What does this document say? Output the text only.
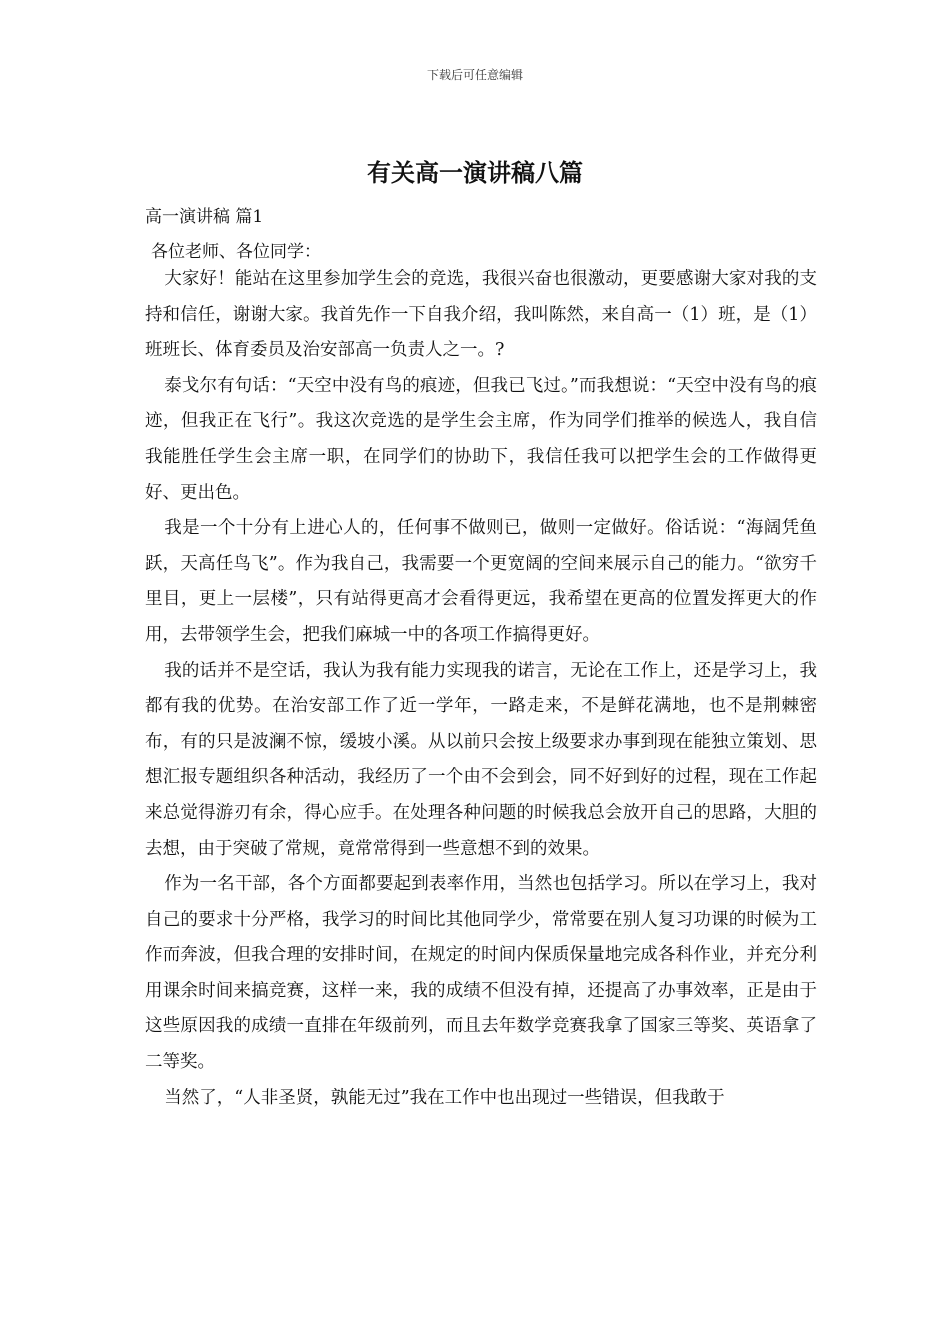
下载后可任意编辑
有关高一演讲稿八篇

高一演讲稿 篇1

各位老师、各位同学：

大家好！能站在这里参加学生会的竞选，我很兴奋也很激动，更要感谢大家对我的支持和信任，谢谢大家。我首先作一下自我介绍，我叫陈然，来自高一（1）班，是（1）班班长、体育委员及治安部高一负责人之一。?

泰戈尔有句话：“天空中没有鸟的痕迹，但我已飞过。”而我想说：“天空中没有鸟的痕迹，但我正在飞行”。我这次竞选的是学生会主席，作为同学们推举的候选人，我自信我能胜任学生会主席一职，在同学们的协助下，我信任我可以把学生会的工作做得更好、更出色。

我是一个十分有上进心人的，任何事不做则已，做则一定做好。俗话说：“海阔凭鱼跃，天高任鸟飞”。作为我自己，我需要一个更宽阔的空间来展示自己的能力。“欲穷千里目，更上一层楼”，只有站得更高才会看得更远，我希望在更高的位置发挥更大的作用，去带领学生会，把我们麻城一中的各项工作搞得更好。

我的话并不是空话，我认为我有能力实现我的诺言，无论在工作上，还是学习上，我都有我的优势。在治安部工作了近一学年，一路走来，不是鲜花满地，也不是荆棘密布，有的只是波澜不惊，缓坡小溪。从以前只会按上级要求办事到现在能独立策划、思想汇报专题组织各种活动，我经历了一个由不会到会，同不好到好的过程，现在工作起来总觉得游刃有余，得心应手。在处理各种问题的时候我总会放开自己的思路，大胆的去想，由于突破了常规，竟常常得到一些意想不到的效果。

作为一名干部，各个方面都要起到表率作用，当然也包括学习。所以在学习上，我对自己的要求十分严格，我学习的时间比其他同学少，常常要在别人复习功课的时候为工作而奔波，但我合理的安排时间，在规定的时间内保质保量地完成各科作业，并充分利用课余时间来搞竞赛，这样一来，我的成绩不但没有掉，还提高了办事效率，正是由于这些原因我的成绩一直排在年级前列，而且去年数学竞赛我拿了国家三等奖、英语拿了二等奖。

当然了，“人非圣贤，孰能无过”我在工作中也出现过一些错误，但我敢于
